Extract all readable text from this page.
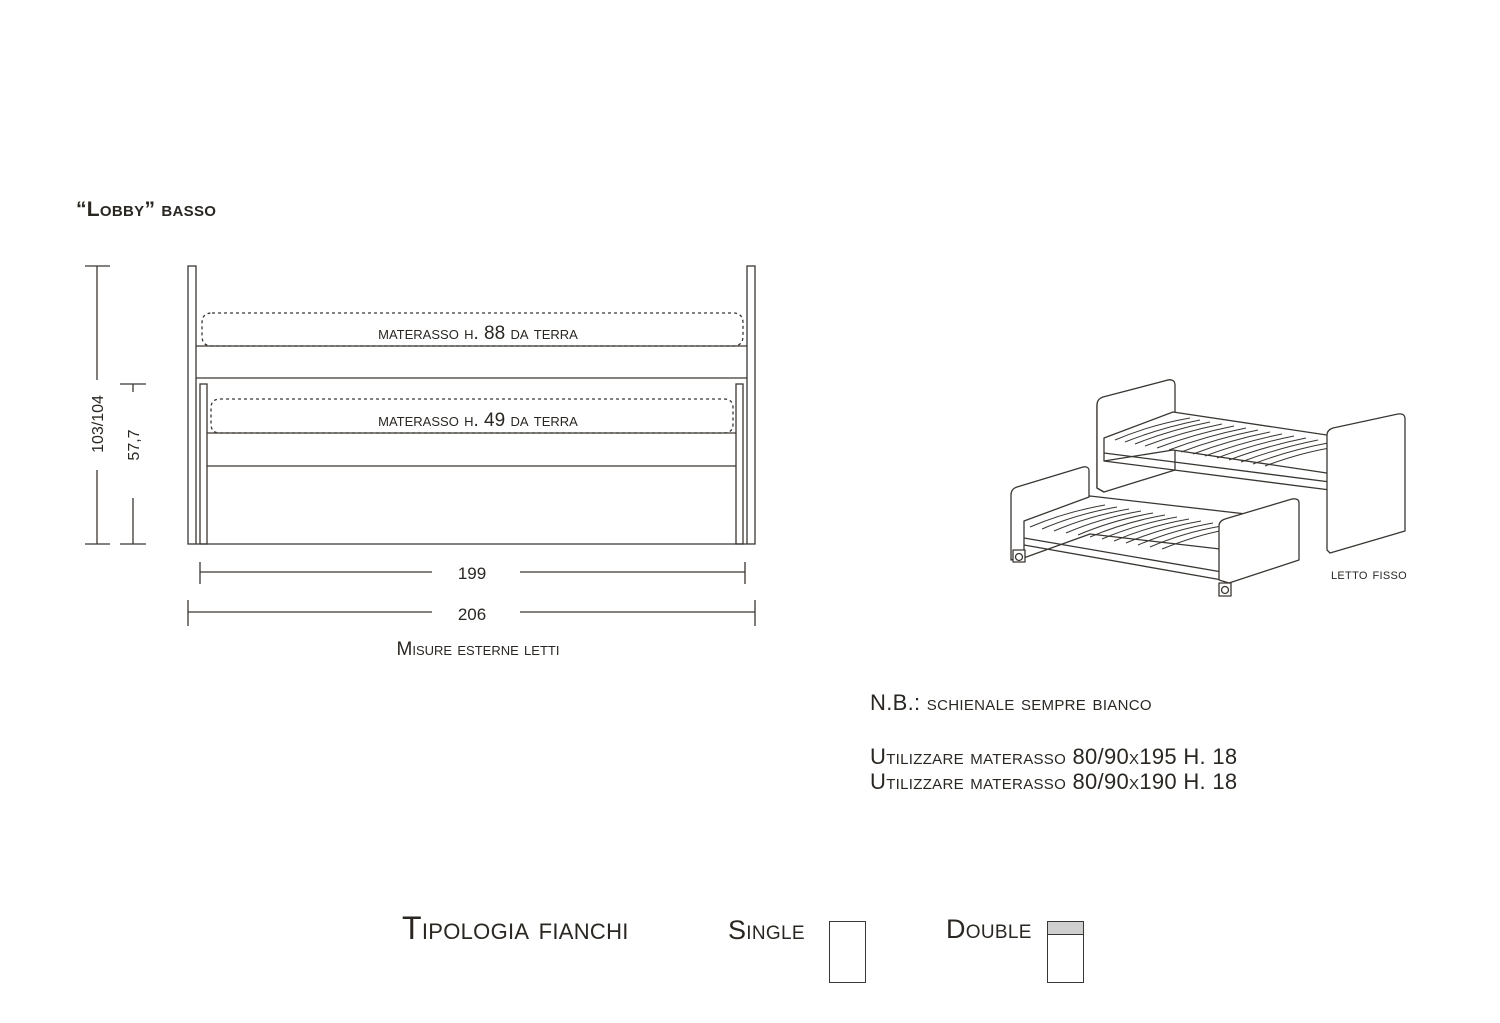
“Lobby” basso
materasso h. 88 da terra
materasso h. 49 da terra
103/104 57,7
199
206
Misure esterne letti
letto fisso
N.B.: schienale sempre bianco
Utilizzare materasso 80/90x195 H. 18
Utilizzare materasso 80/90x190 H. 18
Tipologia fianchi	Single	Double
